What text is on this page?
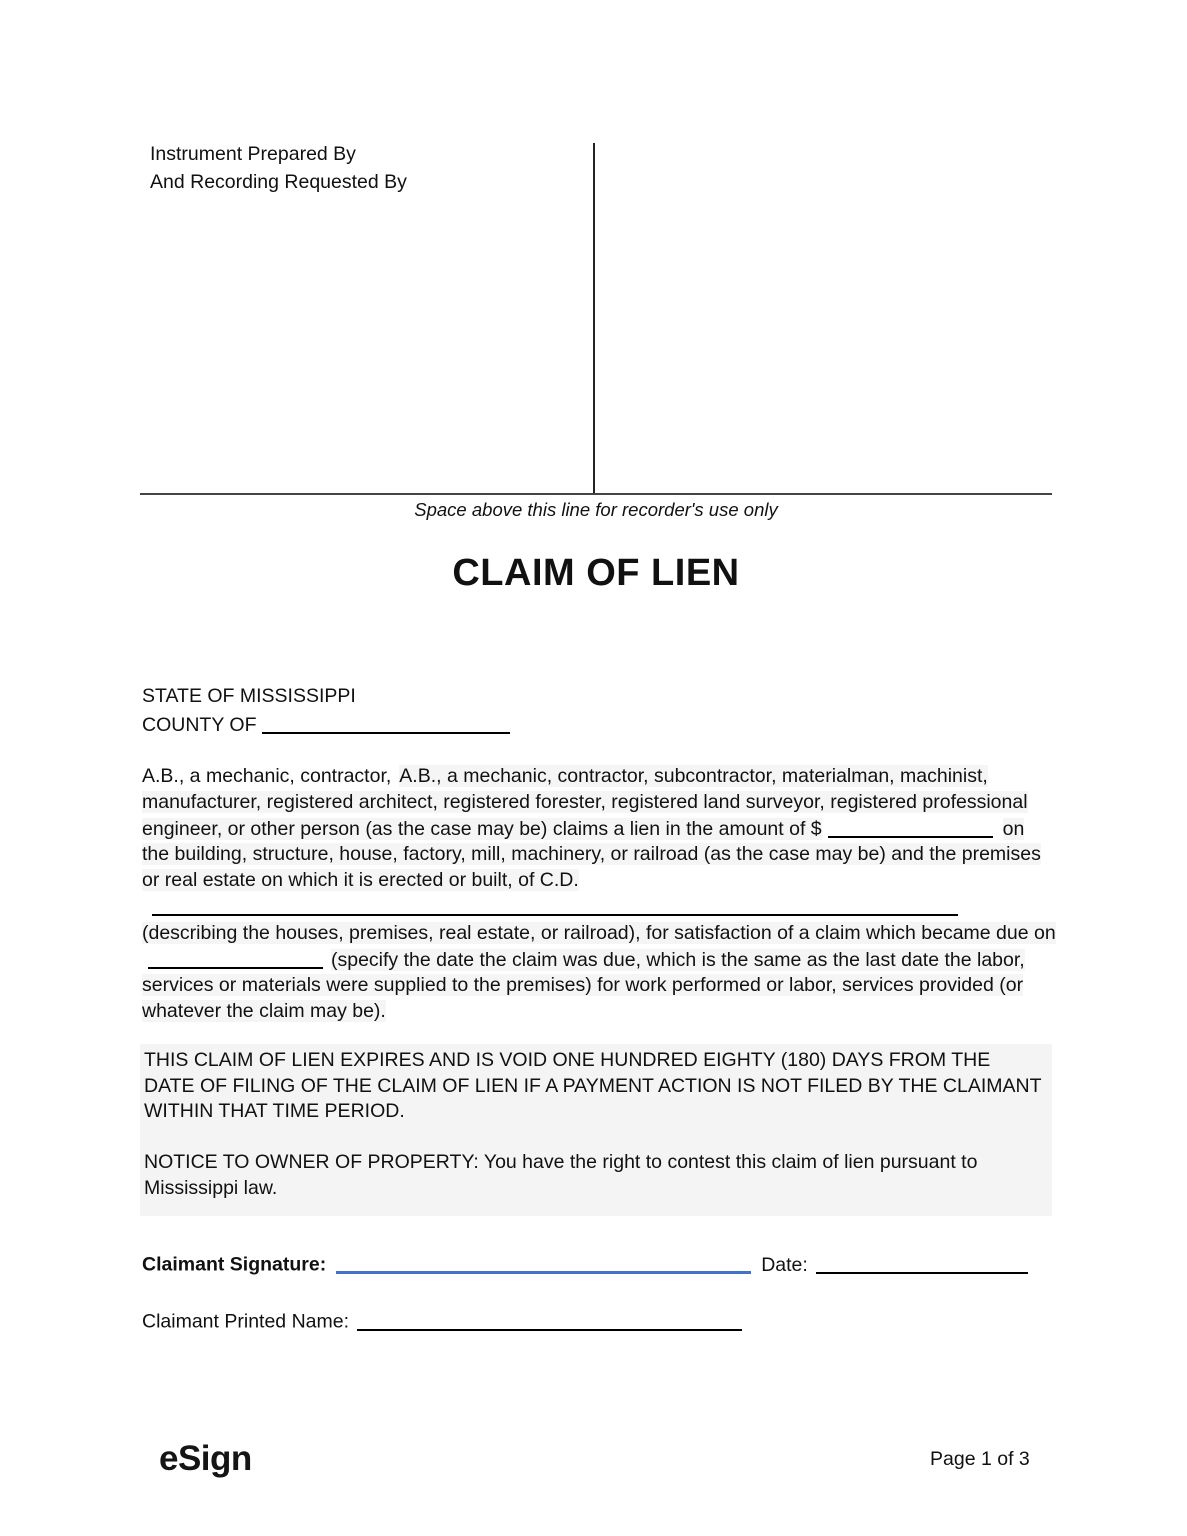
Instrument Prepared By
And Recording Requested By
Space above this line for recorder's use only
CLAIM OF LIEN
STATE OF MISSISSIPPI
COUNTY OF
A.B., a mechanic, contractor, A.B., a mechanic, contractor, subcontractor, materialman, machinist, manufacturer, registered architect, registered forester, registered land surveyor, registered professional engineer, or other person (as the case may be) claims a lien in the amount of $	on the building, structure, house, factory, mill, machinery, or railroad (as the case may be) and the premises or real estate on which it is erected or built, of C.D. (describing the houses, premises, real estate, or railroad), for satisfaction of a claim which became due on(specify the date the claim was due, which is the same as the last date the labor, services or materials were supplied to the premises) for work performed or labor, services provided (or whatever the claim may be).
THIS CLAIM OF LIEN EXPIRES AND IS VOID ONE HUNDRED EIGHTY (180) DAYS FROM THE DATE OF FILING OF THE CLAIM OF LIEN IF A PAYMENT ACTION IS NOT FILED BY THE CLAIMANT WITHIN THAT TIME PERIOD.
NOTICE TO OWNER OF PROPERTY: You have the right to contest this claim of lien pursuant to Mississippi law.
Claimant Signature:	Date:
Claimant Printed Name:
eSign	Page 1 of 3
